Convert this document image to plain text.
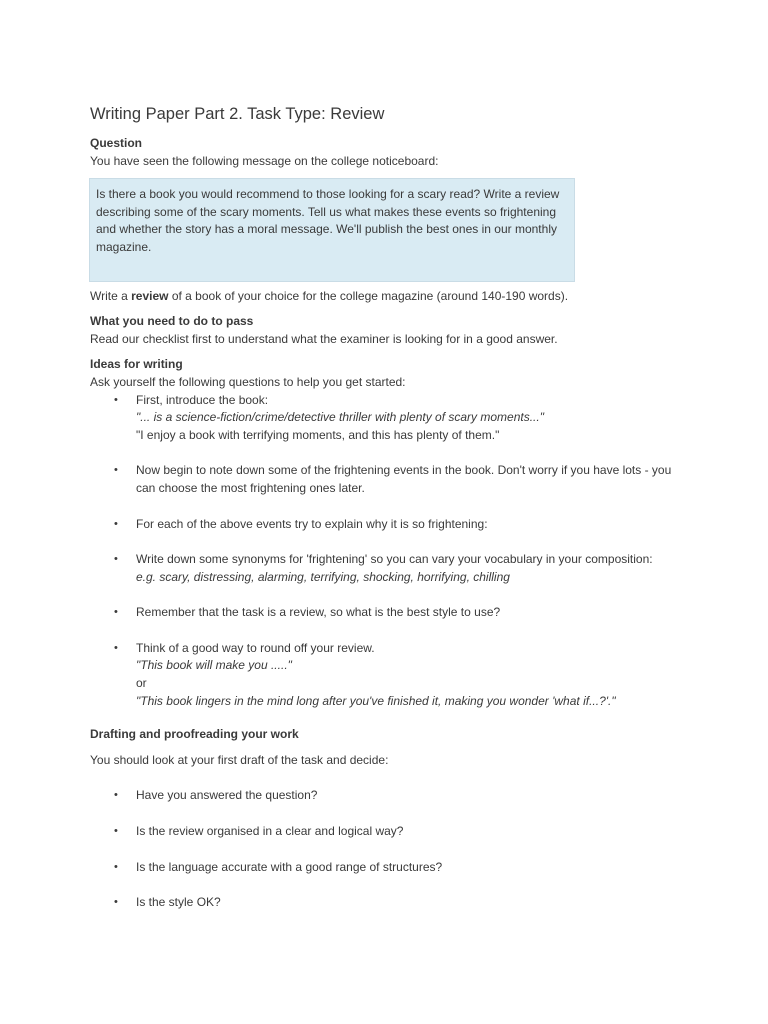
Writing Paper Part 2. Task Type: Review

Question

You have seen the following message on the college noticeboard:

Is there a book you would recommend to those looking for a scary read? Write a review describing some of the scary moments. Tell us what makes these events so frightening and whether the story has a moral message. We'll publish the best ones in our monthly magazine.

Write a review of a book of your choice for the college magazine (around 140-190 words).

What you need to do to pass

Read our checklist first to understand what the examiner is looking for in a good answer.

Ideas for writing

Ask yourself the following questions to help you get started:

• First, introduce the book:
"... is a science-fiction/crime/detective thriller with plenty of scary moments..."
"I enjoy a book with terrifying moments, and this has plenty of them."
• Now begin to note down some of the frightening events in the book. Don't worry if you have lots - you can choose the most frightening ones later.
• For each of the above events try to explain why it is so frightening:
• Write down some synonyms for 'frightening' so you can vary your vocabulary in your composition:
e.g. scary, distressing, alarming, terrifying, shocking, horrifying, chilling
• Remember that the task is a review, so what is the best style to use?
• Think of a good way to round off your review.
"This book will make you ....."
or
"This book lingers in the mind long after you've finished it, making you wonder 'what if...?'."

Drafting and proofreading your work

You should look at your first draft of the task and decide:

• Have you answered the question?
• Is the review organised in a clear and logical way?
• Is the language accurate with a good range of structures?
• Is the style OK?
